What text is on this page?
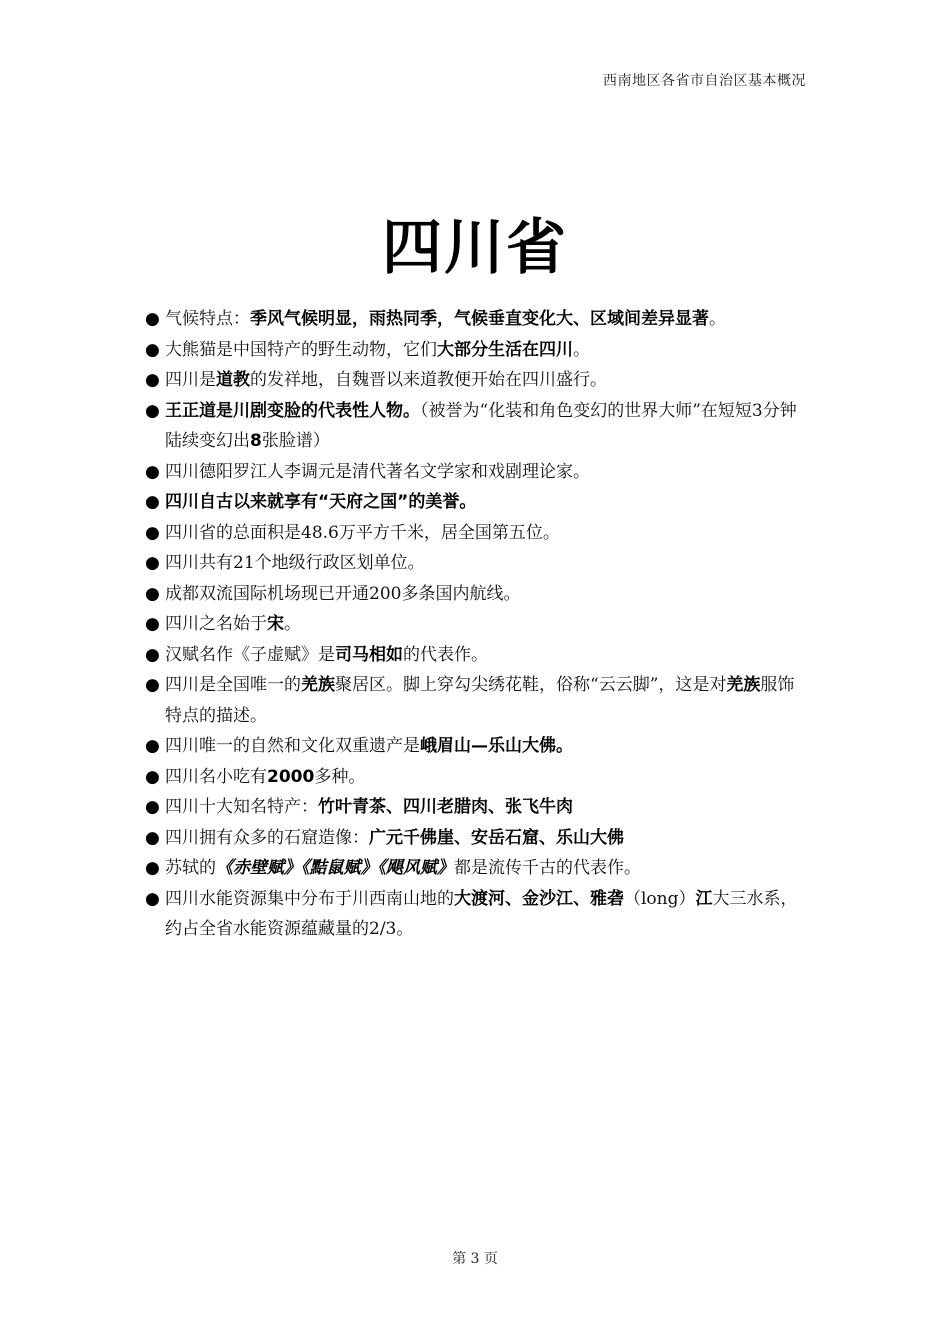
西南地区各省市自治区基本概况
四川省
● 气候特点：季风气候明显，雨热同季，气候垂直变化大、区域间差异显著。
● 大熊猫是中国特产的野生动物，它们大部分生活在四川。
● 四川是道教的发祥地，自魏晋以来道教便开始在四川盛行。
● 王正道是川剧变脸的代表性人物。（被誉为“化装和角色变幻的世界大师”在短短3分钟陆续变幻出8张脸谱）
● 四川德阳罗江人李调元是清代著名文学家和戏剧理论家。
● 四川自古以来就享有“天府之国”的美誉。
● 四川省的总面积是48.6万平方千米，居全国第五位。
● 四川共有21个地级行政区划单位。
● 成都双流国际机场现已开通200多条国内航线。
● 四川之名始于宋。
● 汉赋名作《子虚赋》是司马相如的代表作。
● 四川是全国唯一的羌族聚居区。脚上穿勾尖绣花鞋，俗称“云云脚”，这是对羌族服饰特点的描述。
● 四川唯一的自然和文化双重遗产是峨眉山—乐山大佛。
● 四川名小吃有2000多种。
● 四川十大知名特产：竹叶青茶、四川老腊肉、张飞牛肉
● 四川拥有众多的石窟造像：广元千佛崖、安岳石窟、乐山大佛
● 苏轼的《赤壁赋》《黠鼠赋》《飓风赋》都是流传千古的代表作。
● 四川水能资源集中分布于川西南山地的大渡河、金沙江、雅砻（long）江大三水系，约占全省水能资源蕴藏量的2/3。
第 3 页
